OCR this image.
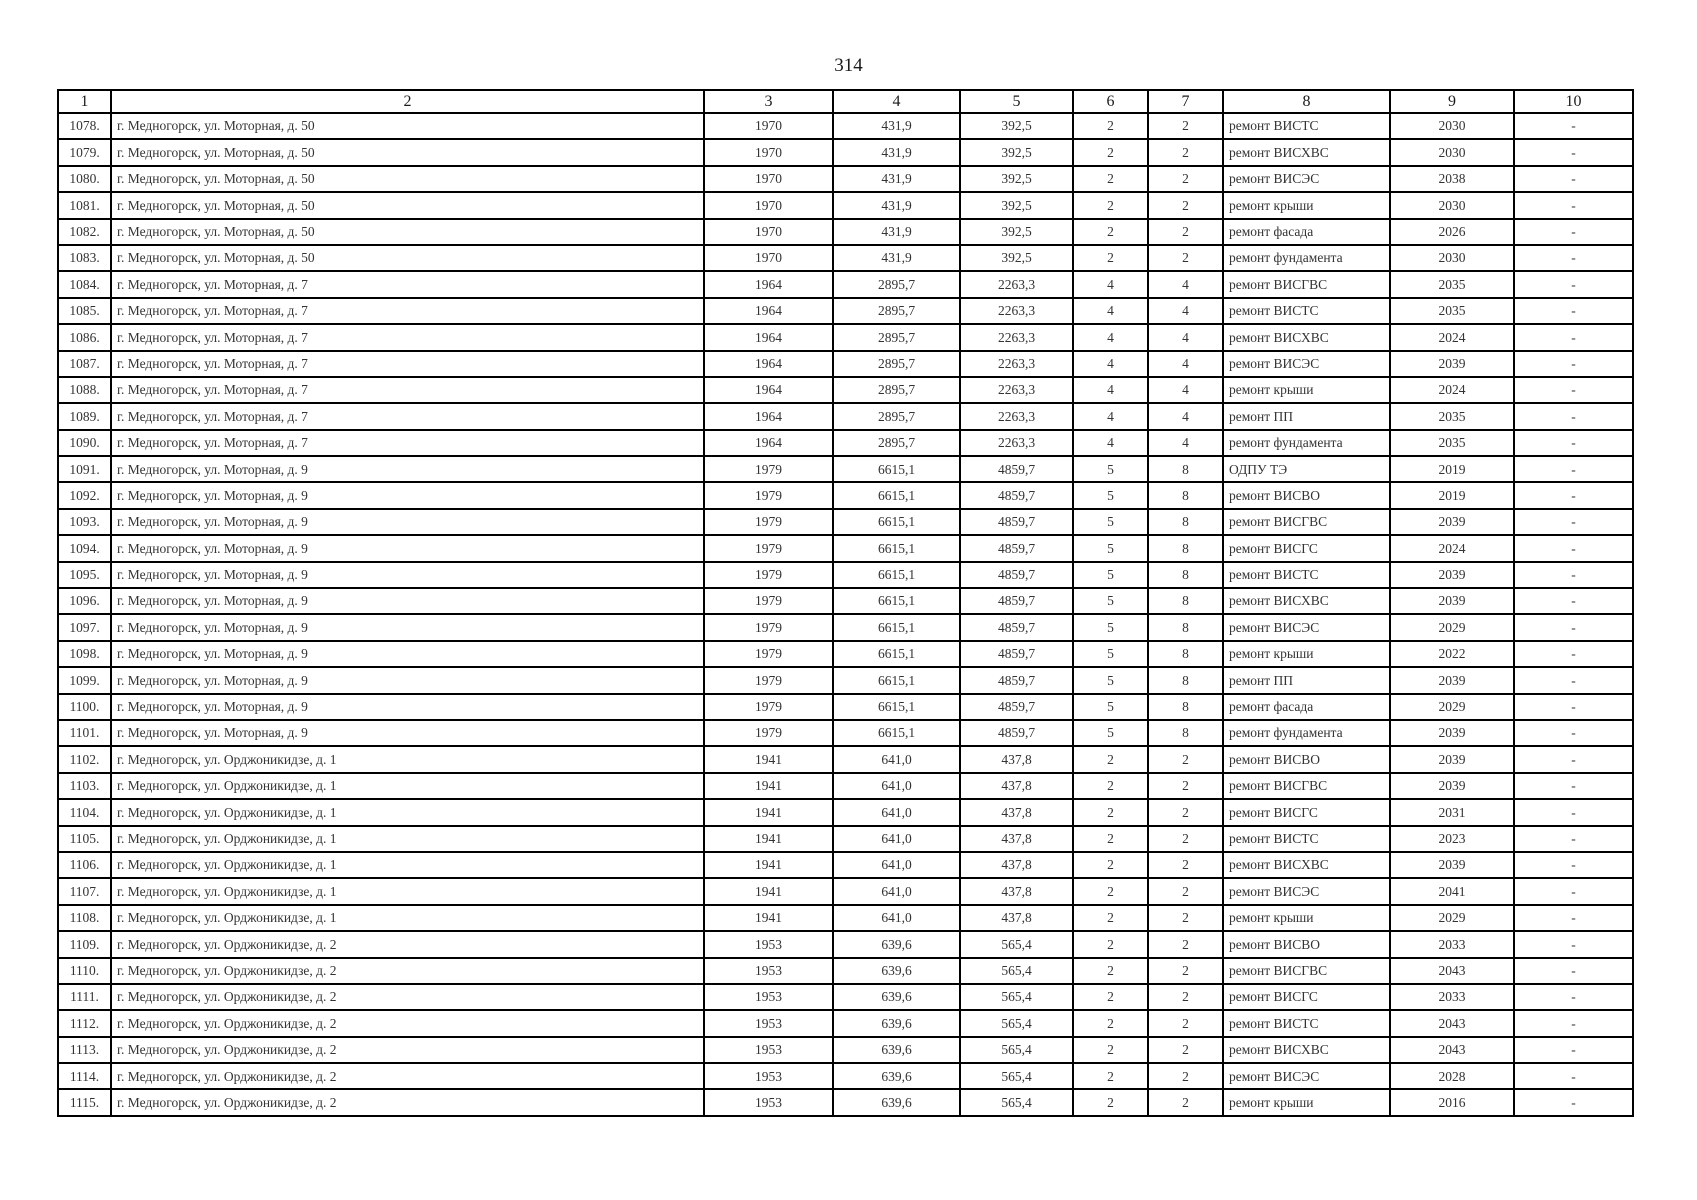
314
1	2	3	4	5	6	7	8	9	10
1078.	г. Медногорск, ул. Моторная, д. 50	1970	431,9	392,5	2	2	ремонт ВИСТС	2030	-
1079.	г. Медногорск, ул. Моторная, д. 50	1970	431,9	392,5	2	2	ремонт ВИСХВС	2030	-
1080.	г. Медногорск, ул. Моторная, д. 50	1970	431,9	392,5	2	2	ремонт ВИСЭС	2038	-
1081.	г. Медногорск, ул. Моторная, д. 50	1970	431,9	392,5	2	2	ремонт крыши	2030	-
1082.	г. Медногорск, ул. Моторная, д. 50	1970	431,9	392,5	2	2	ремонт фасада	2026	-
1083.	г. Медногорск, ул. Моторная, д. 50	1970	431,9	392,5	2	2	ремонт фундамента	2030	-
1084.	г. Медногорск, ул. Моторная, д. 7	1964	2895,7	2263,3	4	4	ремонт ВИСГВС	2035	-
1085.	г. Медногорск, ул. Моторная, д. 7	1964	2895,7	2263,3	4	4	ремонт ВИСТС	2035	-
1086.	г. Медногорск, ул. Моторная, д. 7	1964	2895,7	2263,3	4	4	ремонт ВИСХВС	2024	-
1087.	г. Медногорск, ул. Моторная, д. 7	1964	2895,7	2263,3	4	4	ремонт ВИСЭС	2039	-
1088.	г. Медногорск, ул. Моторная, д. 7	1964	2895,7	2263,3	4	4	ремонт крыши	2024	-
1089.	г. Медногорск, ул. Моторная, д. 7	1964	2895,7	2263,3	4	4	ремонт ПП	2035	-
1090.	г. Медногорск, ул. Моторная, д. 7	1964	2895,7	2263,3	4	4	ремонт фундамента	2035	-
1091.	г. Медногорск, ул. Моторная, д. 9	1979	6615,1	4859,7	5	8	ОДПУ ТЭ	2019	-
1092.	г. Медногорск, ул. Моторная, д. 9	1979	6615,1	4859,7	5	8	ремонт ВИСВО	2019	-
1093.	г. Медногорск, ул. Моторная, д. 9	1979	6615,1	4859,7	5	8	ремонт ВИСГВС	2039	-
1094.	г. Медногорск, ул. Моторная, д. 9	1979	6615,1	4859,7	5	8	ремонт ВИСГС	2024	-
1095.	г. Медногорск, ул. Моторная, д. 9	1979	6615,1	4859,7	5	8	ремонт ВИСТС	2039	-
1096.	г. Медногорск, ул. Моторная, д. 9	1979	6615,1	4859,7	5	8	ремонт ВИСХВС	2039	-
1097.	г. Медногорск, ул. Моторная, д. 9	1979	6615,1	4859,7	5	8	ремонт ВИСЭС	2029	-
1098.	г. Медногорск, ул. Моторная, д. 9	1979	6615,1	4859,7	5	8	ремонт крыши	2022	-
1099.	г. Медногорск, ул. Моторная, д. 9	1979	6615,1	4859,7	5	8	ремонт ПП	2039	-
1100.	г. Медногорск, ул. Моторная, д. 9	1979	6615,1	4859,7	5	8	ремонт фасада	2029	-
1101.	г. Медногорск, ул. Моторная, д. 9	1979	6615,1	4859,7	5	8	ремонт фундамента	2039	-
1102.	г. Медногорск, ул. Орджоникидзе, д. 1	1941	641,0	437,8	2	2	ремонт ВИСВО	2039	-
1103.	г. Медногорск, ул. Орджоникидзе, д. 1	1941	641,0	437,8	2	2	ремонт ВИСГВС	2039	-
1104.	г. Медногорск, ул. Орджоникидзе, д. 1	1941	641,0	437,8	2	2	ремонт ВИСГС	2031	-
1105.	г. Медногорск, ул. Орджоникидзе, д. 1	1941	641,0	437,8	2	2	ремонт ВИСТС	2023	-
1106.	г. Медногорск, ул. Орджоникидзе, д. 1	1941	641,0	437,8	2	2	ремонт ВИСХВС	2039	-
1107.	г. Медногорск, ул. Орджоникидзе, д. 1	1941	641,0	437,8	2	2	ремонт ВИСЭС	2041	-
1108.	г. Медногорск, ул. Орджоникидзе, д. 1	1941	641,0	437,8	2	2	ремонт крыши	2029	-
1109.	г. Медногорск, ул. Орджоникидзе, д. 2	1953	639,6	565,4	2	2	ремонт ВИСВО	2033	-
1110.	г. Медногорск, ул. Орджоникидзе, д. 2	1953	639,6	565,4	2	2	ремонт ВИСГВС	2043	-
1111.	г. Медногорск, ул. Орджоникидзе, д. 2	1953	639,6	565,4	2	2	ремонт ВИСГС	2033	-
1112.	г. Медногорск, ул. Орджоникидзе, д. 2	1953	639,6	565,4	2	2	ремонт ВИСТС	2043	-
1113.	г. Медногорск, ул. Орджоникидзе, д. 2	1953	639,6	565,4	2	2	ремонт ВИСХВС	2043	-
1114.	г. Медногорск, ул. Орджоникидзе, д. 2	1953	639,6	565,4	2	2	ремонт ВИСЭС	2028	-
1115.	г. Медногорск, ул. Орджоникидзе, д. 2	1953	639,6	565,4	2	2	ремонт крыши	2016	-
